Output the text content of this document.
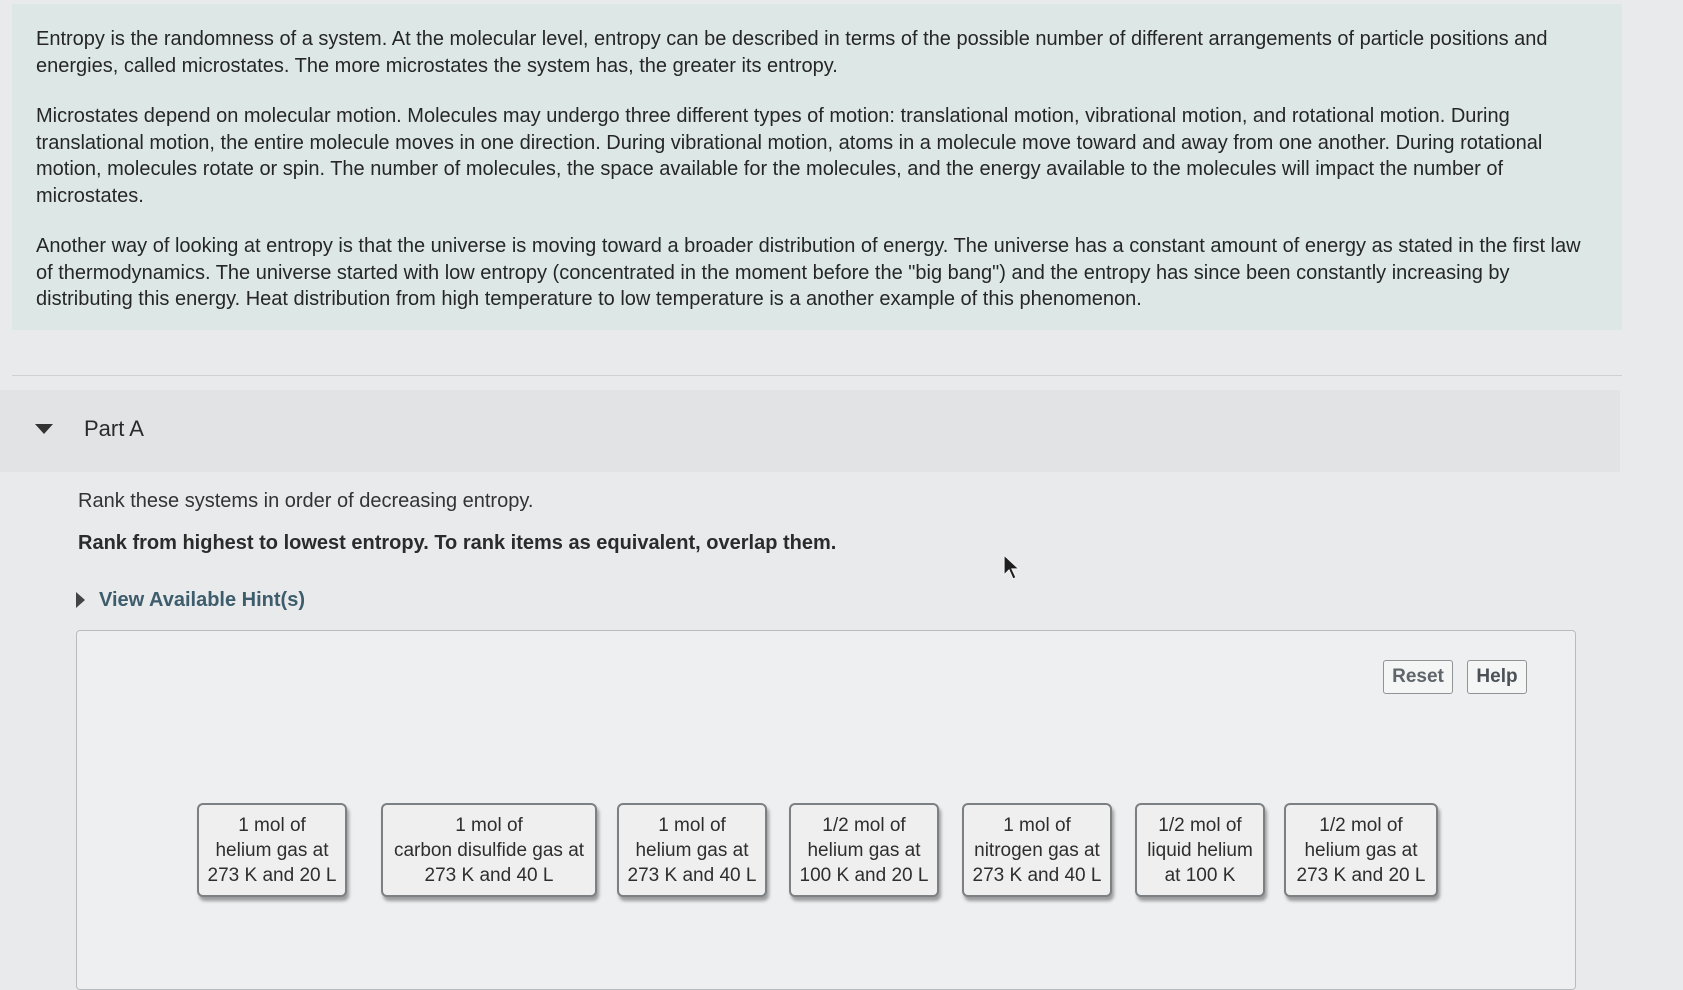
Entropy is the randomness of a system. At the molecular level, entropy can be described in terms of the possible number of different arrangements of particle positions and energies, called microstates. The more microstates the system has, the greater its entropy.

Microstates depend on molecular motion. Molecules may undergo three different types of motion: translational motion, vibrational motion, and rotational motion. During translational motion, the entire molecule moves in one direction. During vibrational motion, atoms in a molecule move toward and away from one another. During rotational motion, molecules rotate or spin. The number of molecules, the space available for the molecules, and the energy available to the molecules will impact the number of microstates.

Another way of looking at entropy is that the universe is moving toward a broader distribution of energy. The universe has a constant amount of energy as stated in the first law of thermodynamics. The universe started with low entropy (concentrated in the moment before the "big bang") and the entropy has since been constantly increasing by distributing this energy. Heat distribution from high temperature to low temperature is a another example of this phenomenon.

Part A
Rank these systems in order of decreasing entropy.
Rank from highest to lowest entropy. To rank items as equivalent, overlap them.
View Available Hint(s)
Reset	Help
1 mol of
helium gas at
273 K and 20 L
1 mol of
carbon disulfide gas at
273 K and 40 L
1 mol of
helium gas at
273 K and 40 L
1/2 mol of
helium gas at
100 K and 20 L
1 mol of
nitrogen gas at
273 K and 40 L
1/2 mol of
liquid helium
at 100 K
1/2 mol of
helium gas at
273 K and 20 L
